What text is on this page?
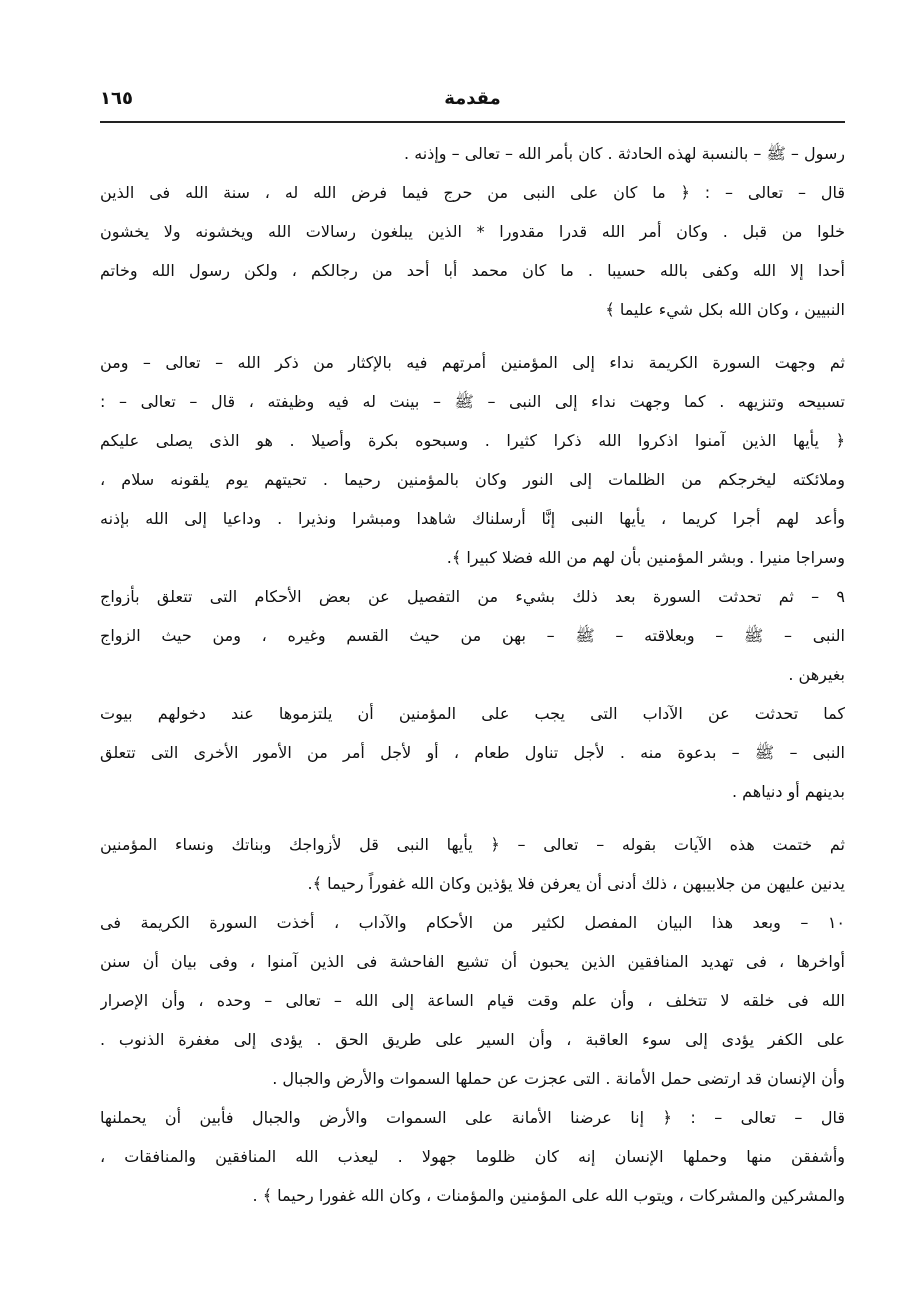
مقدمة
١٦٥

رسول – ﷺ – بالنسبة لهذه الحادثة . كان بأمر الله – تعالى – وإذنه .

قال – تعالى – : ﴿ ما كان على النبى من حرج فيما فرض الله له ، سنة الله فى الذين

خلوا من قبل . وكان أمر الله قدرا مقدورا * الذين يبلغون رسالات الله ويخشونه ولا يخشون

أحدا إلا الله وكفى بالله حسيبا . ما كان محمد أبا أحد من رجالكم ، ولكن رسول الله وخاتم

النبيين ، وكان الله بكل شيء عليما ﴾

ثم وجهت السورة الكريمة نداء إلى المؤمنين أمرتهم فيه بالإكثار من ذكر الله – تعالى – ومن

تسبيحه وتنزيهه . كما وجهت نداء إلى النبى – ﷺ – بينت له فيه وظيفته ، قال – تعالى – :

﴿ يأيها الذين آمنوا اذكروا الله ذكرا كثيرا . وسبحوه بكرة وأصيلا . هو الذى يصلى عليكم

وملائكته ليخرجكم من الظلمات إلى النور وكان بالمؤمنين رحيما . تحيتهم يوم يلقونه سلام ،

وأعد لهم أجرا كريما ، يأيها النبى إنَّا أرسلناك شاهدا ومبشرا ونذيرا . وداعيا إلى الله بإذنه

وسراجا منيرا . وبشر المؤمنين بأن لهم من الله فضلا كبيرا ﴾.

٩ – ثم تحدثت السورة بعد ذلك بشيء من التفصيل عن بعض الأحكام التى تتعلق بأزواج

النبى – ﷺ – وبعلاقته – ﷺ – بهن من حيث القسم وغيره ، ومن حيث الزواج

بغيرهن .

كما تحدثت عن الآداب التى يجب على المؤمنين أن يلتزموها عند دخولهم بيوت

النبى – ﷺ – بدعوة منه . لأجل تناول طعام ، أو لأجل أمر من الأمور الأخرى التى تتعلق

بدينهم أو دنياهم .

ثم ختمت هذه الآيات بقوله – تعالى – ﴿ يأيها النبى قل لأزواجك وبناتك ونساء المؤمنين

يدنين عليهن من جلابيبهن ، ذلك أدنى أن يعرفن فلا يؤذين وكان الله غفوراً رحيما ﴾.

١٠ – وبعد هذا البيان المفصل لكثير من الأحكام والآداب ، أخذت السورة الكريمة فى

أواخرها ، فى تهديد المنافقين الذين يحبون أن تشيع الفاحشة فى الذين آمنوا ، وفى بيان أن سنن

الله فى خلقه لا تتخلف ، وأن علم وقت قيام الساعة إلى الله – تعالى – وحده ، وأن الإصرار

على الكفر يؤدى إلى سوء العاقبة ، وأن السير على طريق الحق . يؤدى إلى مغفرة الذنوب .

وأن الإنسان قد ارتضى حمل الأمانة . التى عجزت عن حملها السموات والأرض والجبال .

قال – تعالى – : ﴿ إنا عرضنا الأمانة على السموات والأرض والجبال فأبين أن يحملنها

وأشفقن منها وحملها الإنسان إنه كان ظلوما جهولا . ليعذب الله المنافقين والمنافقات ،

والمشركين والمشركات ، ويتوب الله على المؤمنين والمؤمنات ، وكان الله غفورا رحيما ﴾ .
